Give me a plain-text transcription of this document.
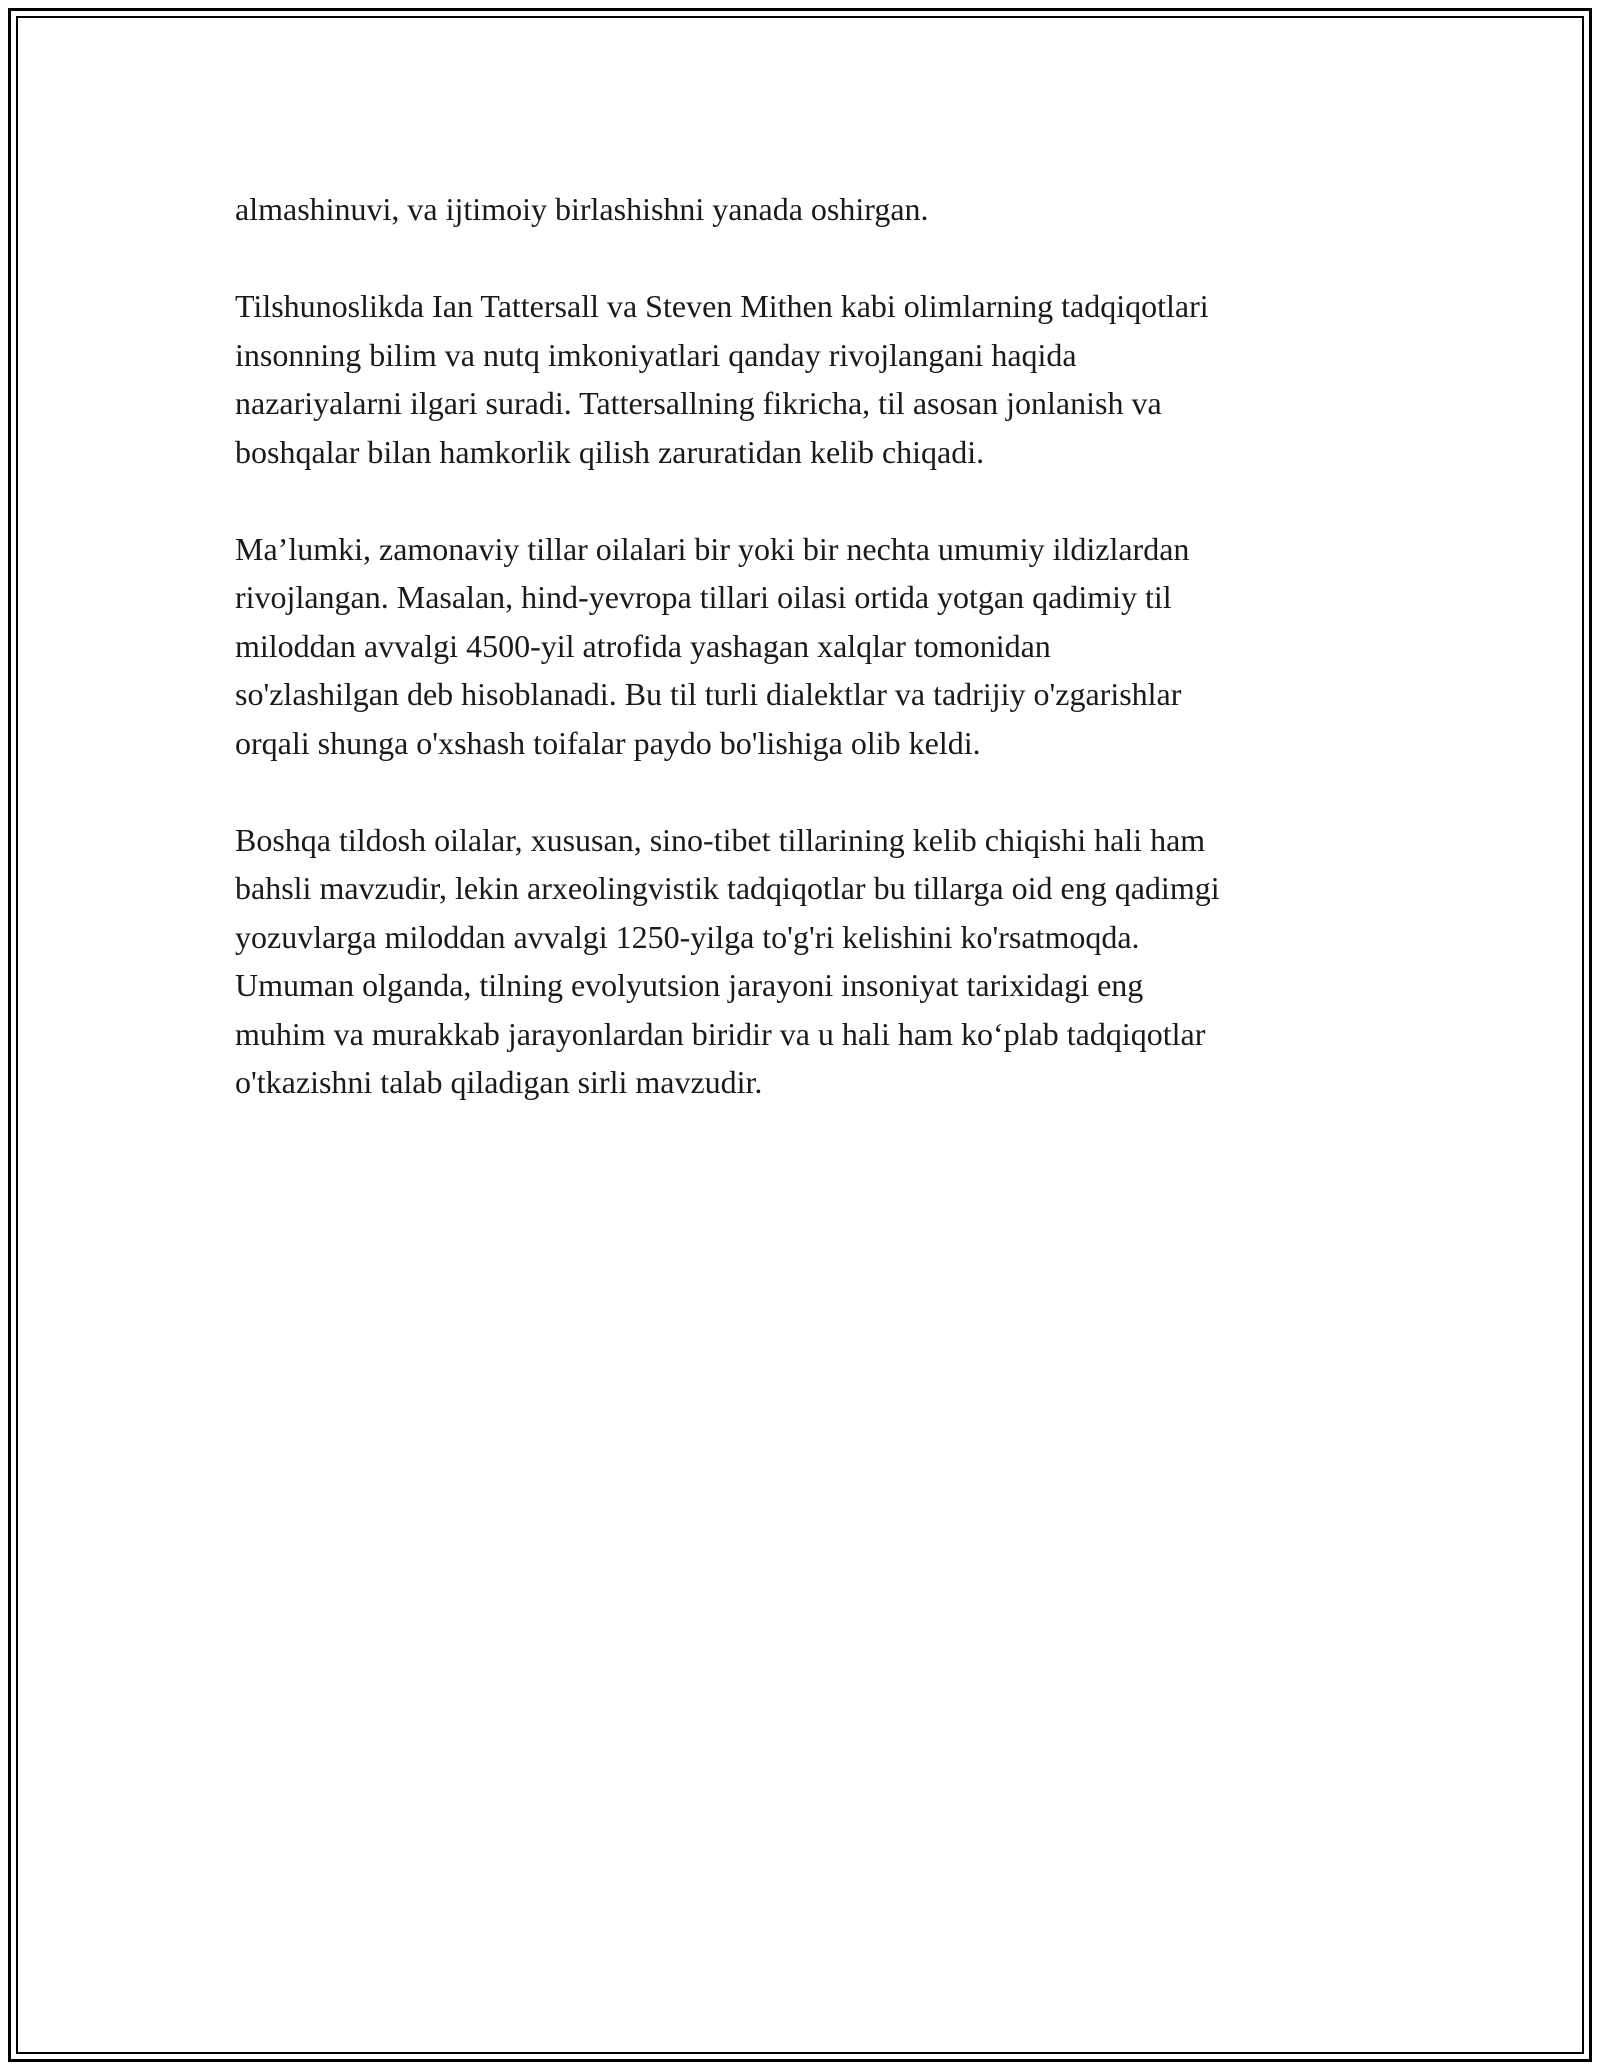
almashinuvi, va ijtimoiy birlashishni yanada oshirgan.

Tilshunoslikda Ian Tattersall va Steven Mithen kabi olimlarning tadqiqotlari
insonning bilim va nutq imkoniyatlari qanday rivojlangani haqida
nazariyalarni ilgari suradi. Tattersallning fikricha, til asosan jonlanish va
boshqalar bilan hamkorlik qilish zaruratidan kelib chiqadi.

Ma’lumki, zamonaviy tillar oilalari bir yoki bir nechta umumiy ildizlardan
rivojlangan. Masalan, hind-yevropa tillari oilasi ortida yotgan qadimiy til
miloddan avvalgi 4500-yil atrofida yashagan xalqlar tomonidan
so'zlashilgan deb hisoblanadi. Bu til turli dialektlar va tadrijiy o'zgarishlar
orqali shunga o'xshash toifalar paydo bo'lishiga olib keldi.

Boshqa tildosh oilalar, xususan, sino-tibet tillarining kelib chiqishi hali ham
bahsli mavzudir, lekin arxeolingvistik tadqiqotlar bu tillarga oid eng qadimgi
yozuvlarga miloddan avvalgi 1250-yilga to'g'ri kelishini ko'rsatmoqda.
Umuman olganda, tilning evolyutsion jarayoni insoniyat tarixidagi eng
muhim va murakkab jarayonlardan biridir va u hali ham ko‘plab tadqiqotlar
o'tkazishni talab qiladigan sirli mavzudir.
